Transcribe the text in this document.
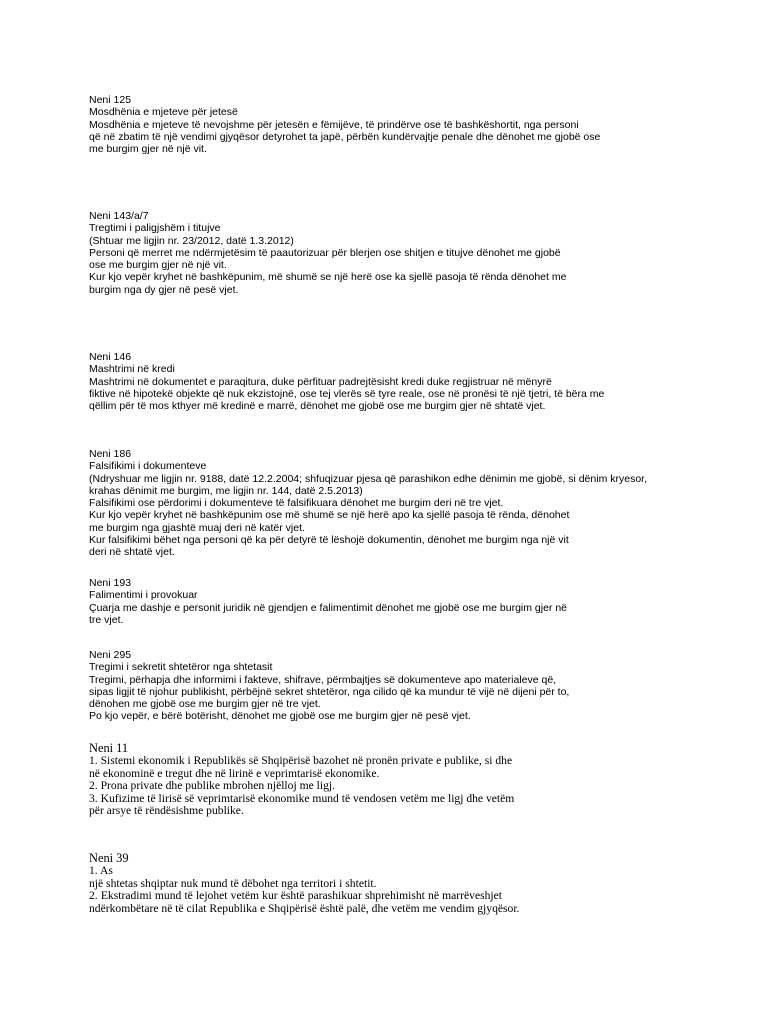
Neni 125
Mosdhënia e mjeteve për jetesë
Mosdhënia e mjeteve të nevojshme për jetesën e fëmijëve, të prindërve ose të bashkëshortit, nga personi
që në zbatim të një vendimi gjyqësor detyrohet ta japë, përbën kundërvajtje penale dhe dënohet me gjobë ose
me burgim gjer në një vit.
Neni 143/a/7
Tregtimi i paligjshëm i titujve
(Shtuar me ligjin nr. 23/2012, datë 1.3.2012)
Personi që merret me ndërmjetësim të paautorizuar për blerjen ose shitjen e titujve dënohet me gjobë
ose me burgim gjer në një vit.
Kur kjo vepër kryhet në bashkëpunim, më shumë se një herë ose ka sjellë pasoja të rënda dënohet me
burgim nga dy gjer në pesë vjet.
Neni 146
Mashtrimi në kredi
Mashtrimi në dokumentet e paraqitura, duke përfituar padrejtësisht kredi duke regjistruar në mënyrë
fiktive në hipotekë objekte që nuk ekzistojnë, ose tej vlerës së tyre reale, ose në pronësi të një tjetri, të bëra me
qëllim për të mos kthyer më kredinë e marrë, dënohet me gjobë ose me burgim gjer në shtatë vjet.
Neni 186
Falsifikimi i dokumenteve
(Ndryshuar me ligjin nr. 9188, datë 12.2.2004; shfuqizuar pjesa që parashikon edhe dënimin me gjobë, si dënim kryesor,
krahas dënimit me burgim, me ligjin nr. 144, datë 2.5.2013)
Falsifikimi ose përdorimi i dokumenteve të falsifikuara dënohet me burgim deri në tre vjet.
Kur kjo vepër kryhet në bashkëpunim ose më shumë se një herë apo ka sjellë pasoja të rënda, dënohet
me burgim nga gjashtë muaj deri në katër vjet.
Kur falsifikimi bëhet nga personi që ka për detyrë të lëshojë dokumentin, dënohet me burgim nga një vit
deri në shtatë vjet.
Neni 193
Falimentimi i provokuar
Çuarja me dashje e personit juridik në gjendjen e falimentimit dënohet me gjobë ose me burgim gjer në
tre vjet.
Neni 295
Tregimi i sekretit shtetëror nga shtetasit
Tregimi, përhapja dhe informimi i fakteve, shifrave, përmbajtjes së dokumenteve apo materialeve që,
sipas ligjit të njohur publikisht, përbëjnë sekret shtetëror, nga cilido që ka mundur të vijë në dijeni për to,
dënohen me gjobë ose me burgim gjer në tre vjet.
Po kjo vepër, e bërë botërisht, dënohet me gjobë ose me burgim gjer në pesë vjet.
Neni 11
1. Sistemi ekonomik i Republikës së Shqipërisë bazohet në pronën private e publike, si dhe
në ekonominë e tregut dhe në lirinë e veprimtarisë ekonomike.
2. Prona private dhe publike mbrohen njëlloj me ligj.
3. Kufizime të lirisë së veprimtarisë ekonomike mund të vendosen vetëm me ligj dhe vetëm
për arsye të rëndësishme publike.
Neni 39
1. As
një shtetas shqiptar nuk mund të dëbohet nga territori i shtetit.
2. Ekstradimi mund të lejohet vetëm kur është parashikuar shprehimisht në marrëveshjet
ndërkombëtare në të cilat Republika e Shqipërisë është palë, dhe vetëm me vendim gjyqësor.
